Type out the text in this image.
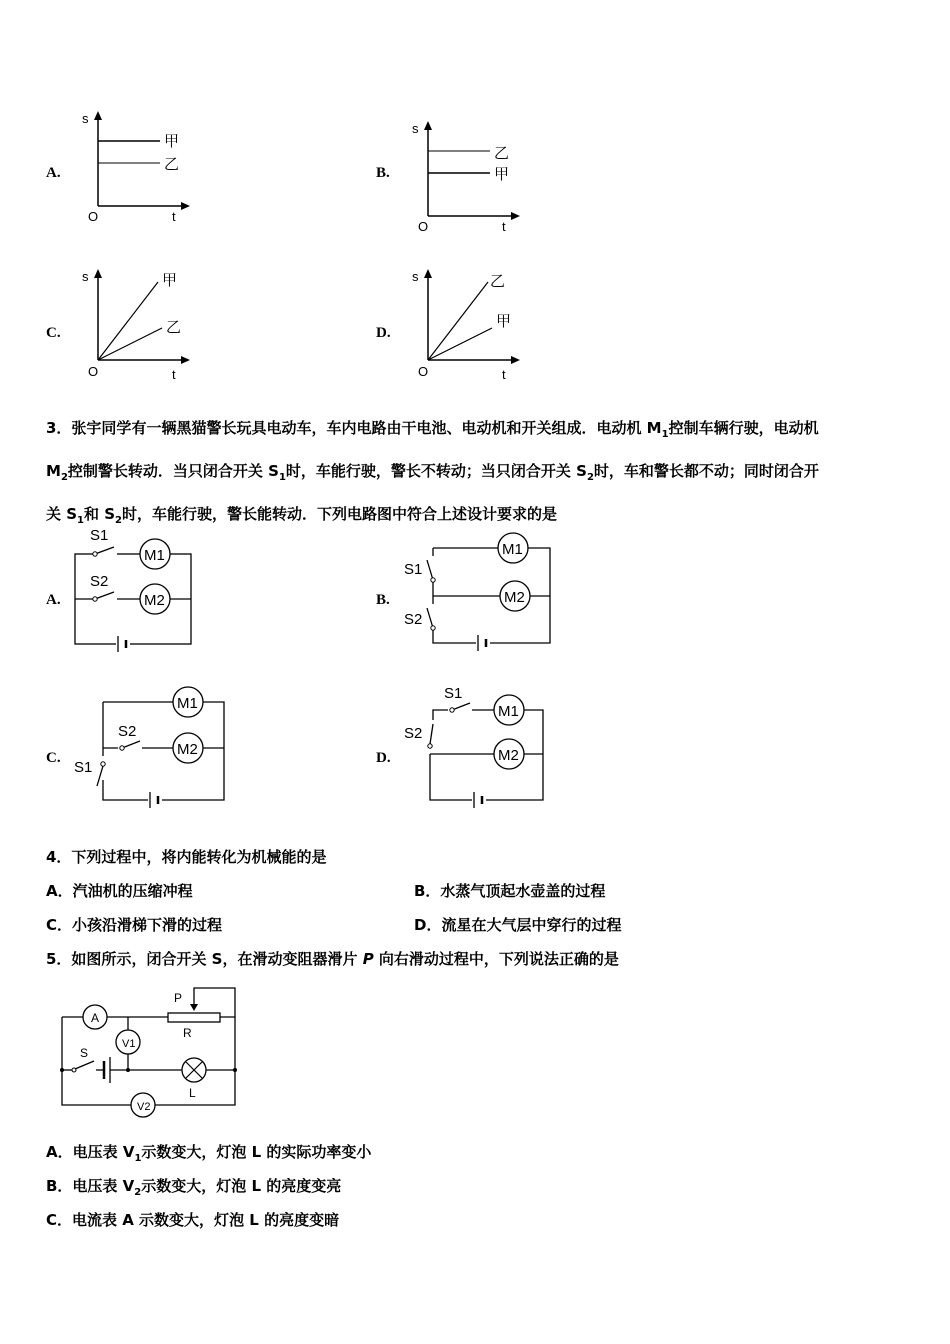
A.
s
O	t
甲
乙	B.
s
O	t
乙
甲
C.
s
O	t
甲
乙	D.
s
O	t
乙
甲
3．张宇同学有一辆黑猫警长玩具电动车，车内电路由干电池、电动机和开关组成．电动机 $M_1$控制车辆行驶，电动机
$M_2$控制警长转动．当只闭合开关 $S_1$时，车能行驶，警长不转动；当只闭合开关 $S_2$时，车和警长都不动；同时闭合开
关 $S_1$和 $S_2$时，车能行驶，警长能转动．下列电路图中符合上述设计要求的是
A.
S1
M1
S2
M2	B.
S1
S2
M1
M2
C.
S2
S1
M1
M2	D.
S1
S2
M1
M2
4．下列过程中，将内能转化为机械能的是
A．汽油机的压缩冲程	B．水蒸气顶起水壶盖的过程
C．小孩沿滑梯下滑的过程	D．流星在大气层中穿行的过程
5．如图所示，闭合开关 S，在滑动变阻器滑片 P 向右滑动过程中，下列说法正确的是
P
R
A
V1
S
L
V2
A．电压表 $V_1$示数变大，灯泡 L 的实际功率变小
B．电压表 $V_2$示数变大，灯泡 L 的亮度变亮
C．电流表 A 示数变大，灯泡 L 的亮度变暗
